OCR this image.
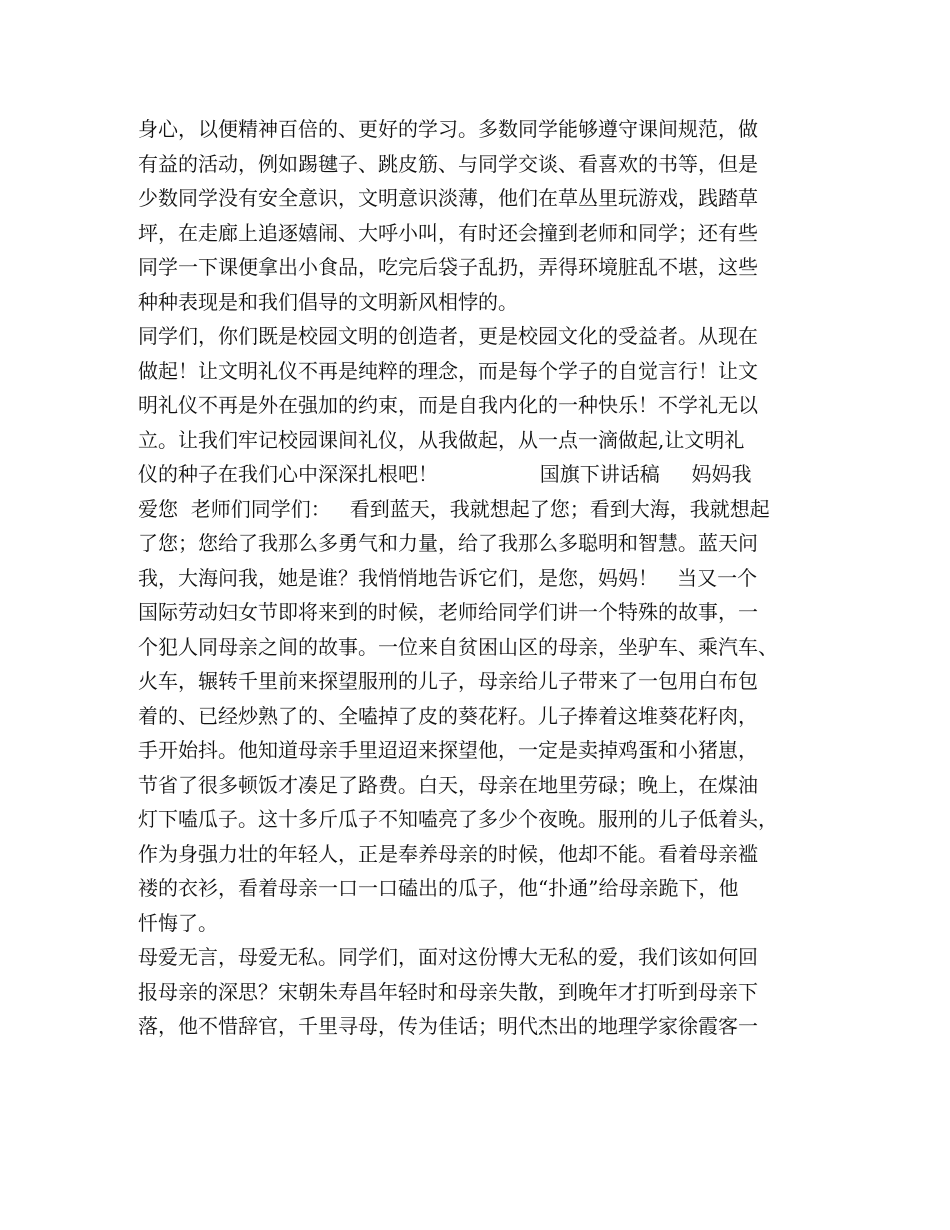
身心，以便精神百倍的、更好的学习。多数同学能够遵守课间规范，做
有益的活动，例如踢毽子、跳皮筋、与同学交谈、看喜欢的书等，但是
少数同学没有安全意识，文明意识淡薄，他们在草丛里玩游戏，践踏草
坪，在走廊上追逐嬉闹、大呼小叫，有时还会撞到老师和同学；还有些
同学一下课便拿出小食品，吃完后袋子乱扔，弄得环境脏乱不堪，这些
种种表现是和我们倡导的文明新风相悖的。
同学们，你们既是校园文明的创造者，更是校园文化的受益者。从现在
做起！让文明礼仪不再是纯粹的理念，而是每个学子的自觉言行！让文
明礼仪不再是外在强加的约束，而是自我内化的一种快乐！不学礼无以
立。让我们牢记校园课间礼仪，从我做起，从一点一滴做起,让文明礼
仪的种子在我们心中深深扎根吧！                国旗下讲话稿     妈妈我
爱您  老师们同学们：   看到蓝天，我就想起了您；看到大海，我就想起
了您；您给了我那么多勇气和力量，给了我那么多聪明和智慧。蓝天问
我，大海问我，她是谁？我悄悄地告诉它们，是您，妈妈！   当又一个
国际劳动妇女节即将来到的时候，老师给同学们讲一个特殊的故事，一
个犯人同母亲之间的故事。一位来自贫困山区的母亲，坐驴车、乘汽车、
火车，辗转千里前来探望服刑的儿子，母亲给儿子带来了一包用白布包
着的、已经炒熟了的、全嗑掉了皮的葵花籽。儿子捧着这堆葵花籽肉，
手开始抖。他知道母亲手里迢迢来探望他，一定是卖掉鸡蛋和小猪崽，
节省了很多顿饭才凑足了路费。白天，母亲在地里劳碌；晚上，在煤油
灯下嗑瓜子。这十多斤瓜子不知嗑亮了多少个夜晚。服刑的儿子低着头，
作为身强力壮的年轻人，正是奉养母亲的时候，他却不能。看着母亲褴
褛的衣衫，看着母亲一口一口磕出的瓜子，他“扑通”给母亲跪下，他
忏悔了。
母爱无言，母爱无私。同学们，面对这份博大无私的爱，我们该如何回
报母亲的深思？宋朝朱寿昌年轻时和母亲失散，到晚年才打听到母亲下
落，他不惜辞官，千里寻母，传为佳话；明代杰出的地理学家徐霞客一
